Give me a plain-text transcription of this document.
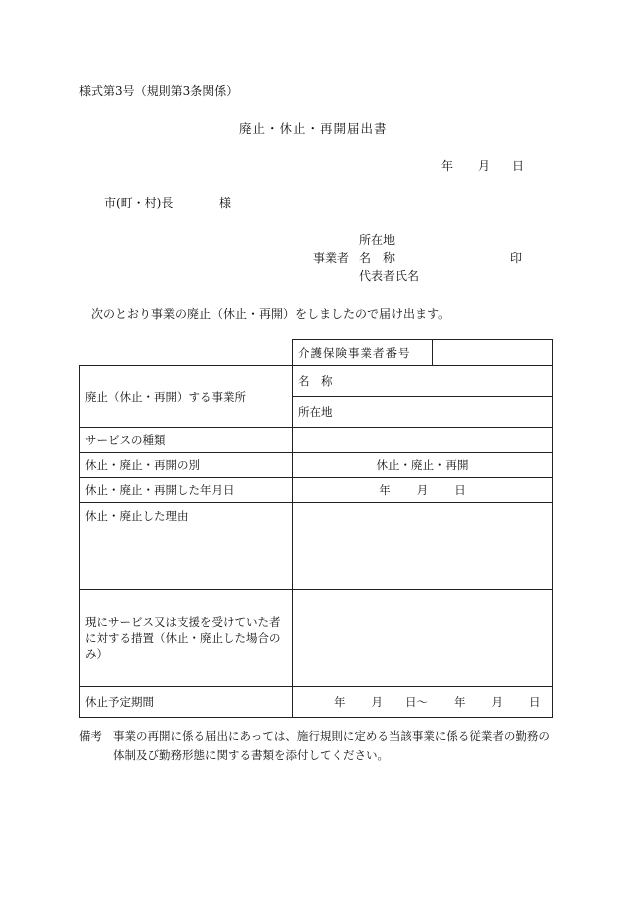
様式第3号（規則第3条関係）
廃止・休止・再開届出書
年 月 日
市(町・村)長	様
所在地
事業者 名　称	印
代表者氏名
次のとおり事業の廃止（休止・再開）をしましたので届け出ます。
	介護保険事業者番号	

廃止（休止・再開）する事業所	名　称	
	所在地	
サービスの種類		
休止・廃止・再開の別	休止・廃止・再開	
休止・廃止・再開した年月日	年 月 日	
休止・廃止した理由		
現にサービス又は支援を受けていた者に対する措置（休止・廃止した場合のみ）		
休止予定期間	年 月 日～ 年 月 日	
備考 事業の再開に係る届出にあっては、施行規則に定める当該事業に係る従業者の勤務の体制及び勤務形態に関する書類を添付してください。
